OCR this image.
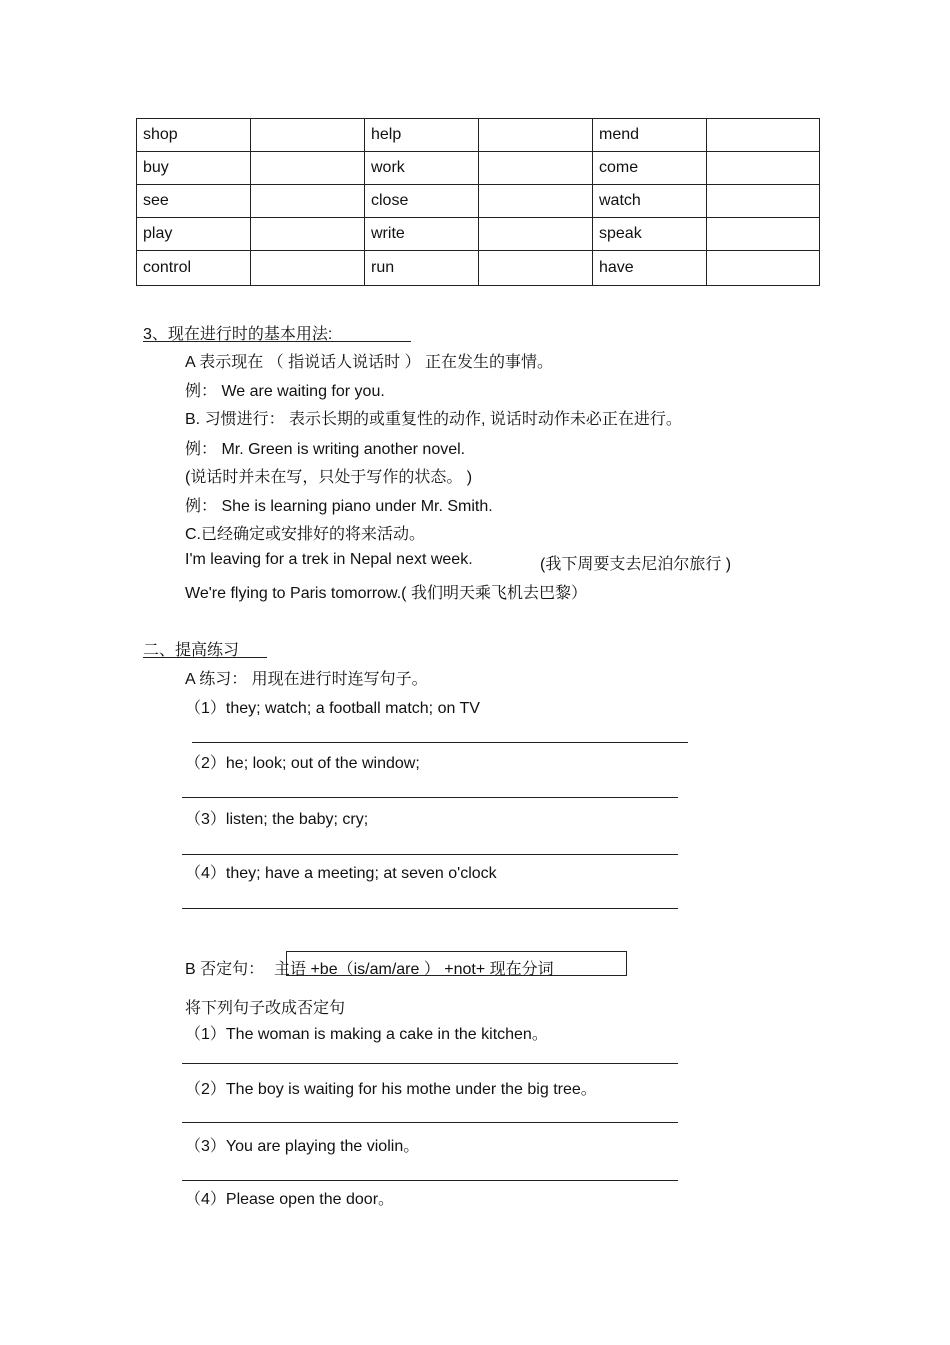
shop		help		mend	
buy		work		come	
see		close		watch	
play		write		speak	
control		run		have	
3、现在进行时的基本用法:
A 表示现在 （ 指说话人说话时 ） 正在发生的事情。
例： We are waiting for you.
B. 习惯进行： 表示长期的或重复性的动作, 说话时动作未必正在进行。
例： Mr. Green is writing another novel.
(说话时并未在写，只处于写作的状态。 )
例： She is learning piano under Mr. Smith.
C.已经确定或安排好的将来活动。
I'm leaving for a trek in Nepal next week.	(我下周要支去尼泊尔旅行 )
We're flying to Paris tomorrow.( 我们明天乘飞机去巴黎）
二、提高练习
A 练习： 用现在进行时连写句子。
（1）they; watch; a football match; on TV
（2）he; look; out of the window;
（3）listen; the baby; cry;
（4）they; have a meeting; at seven o'clock
B 否定句： 主语 +be（is/am/are ） +not+ 现在分词
将下列句子改成否定句
（1）The woman is making a cake in the kitchen。
（2）The boy is waiting for his mothe under the big tree。
（3）You are playing the violin。
（4）Please open the door。
